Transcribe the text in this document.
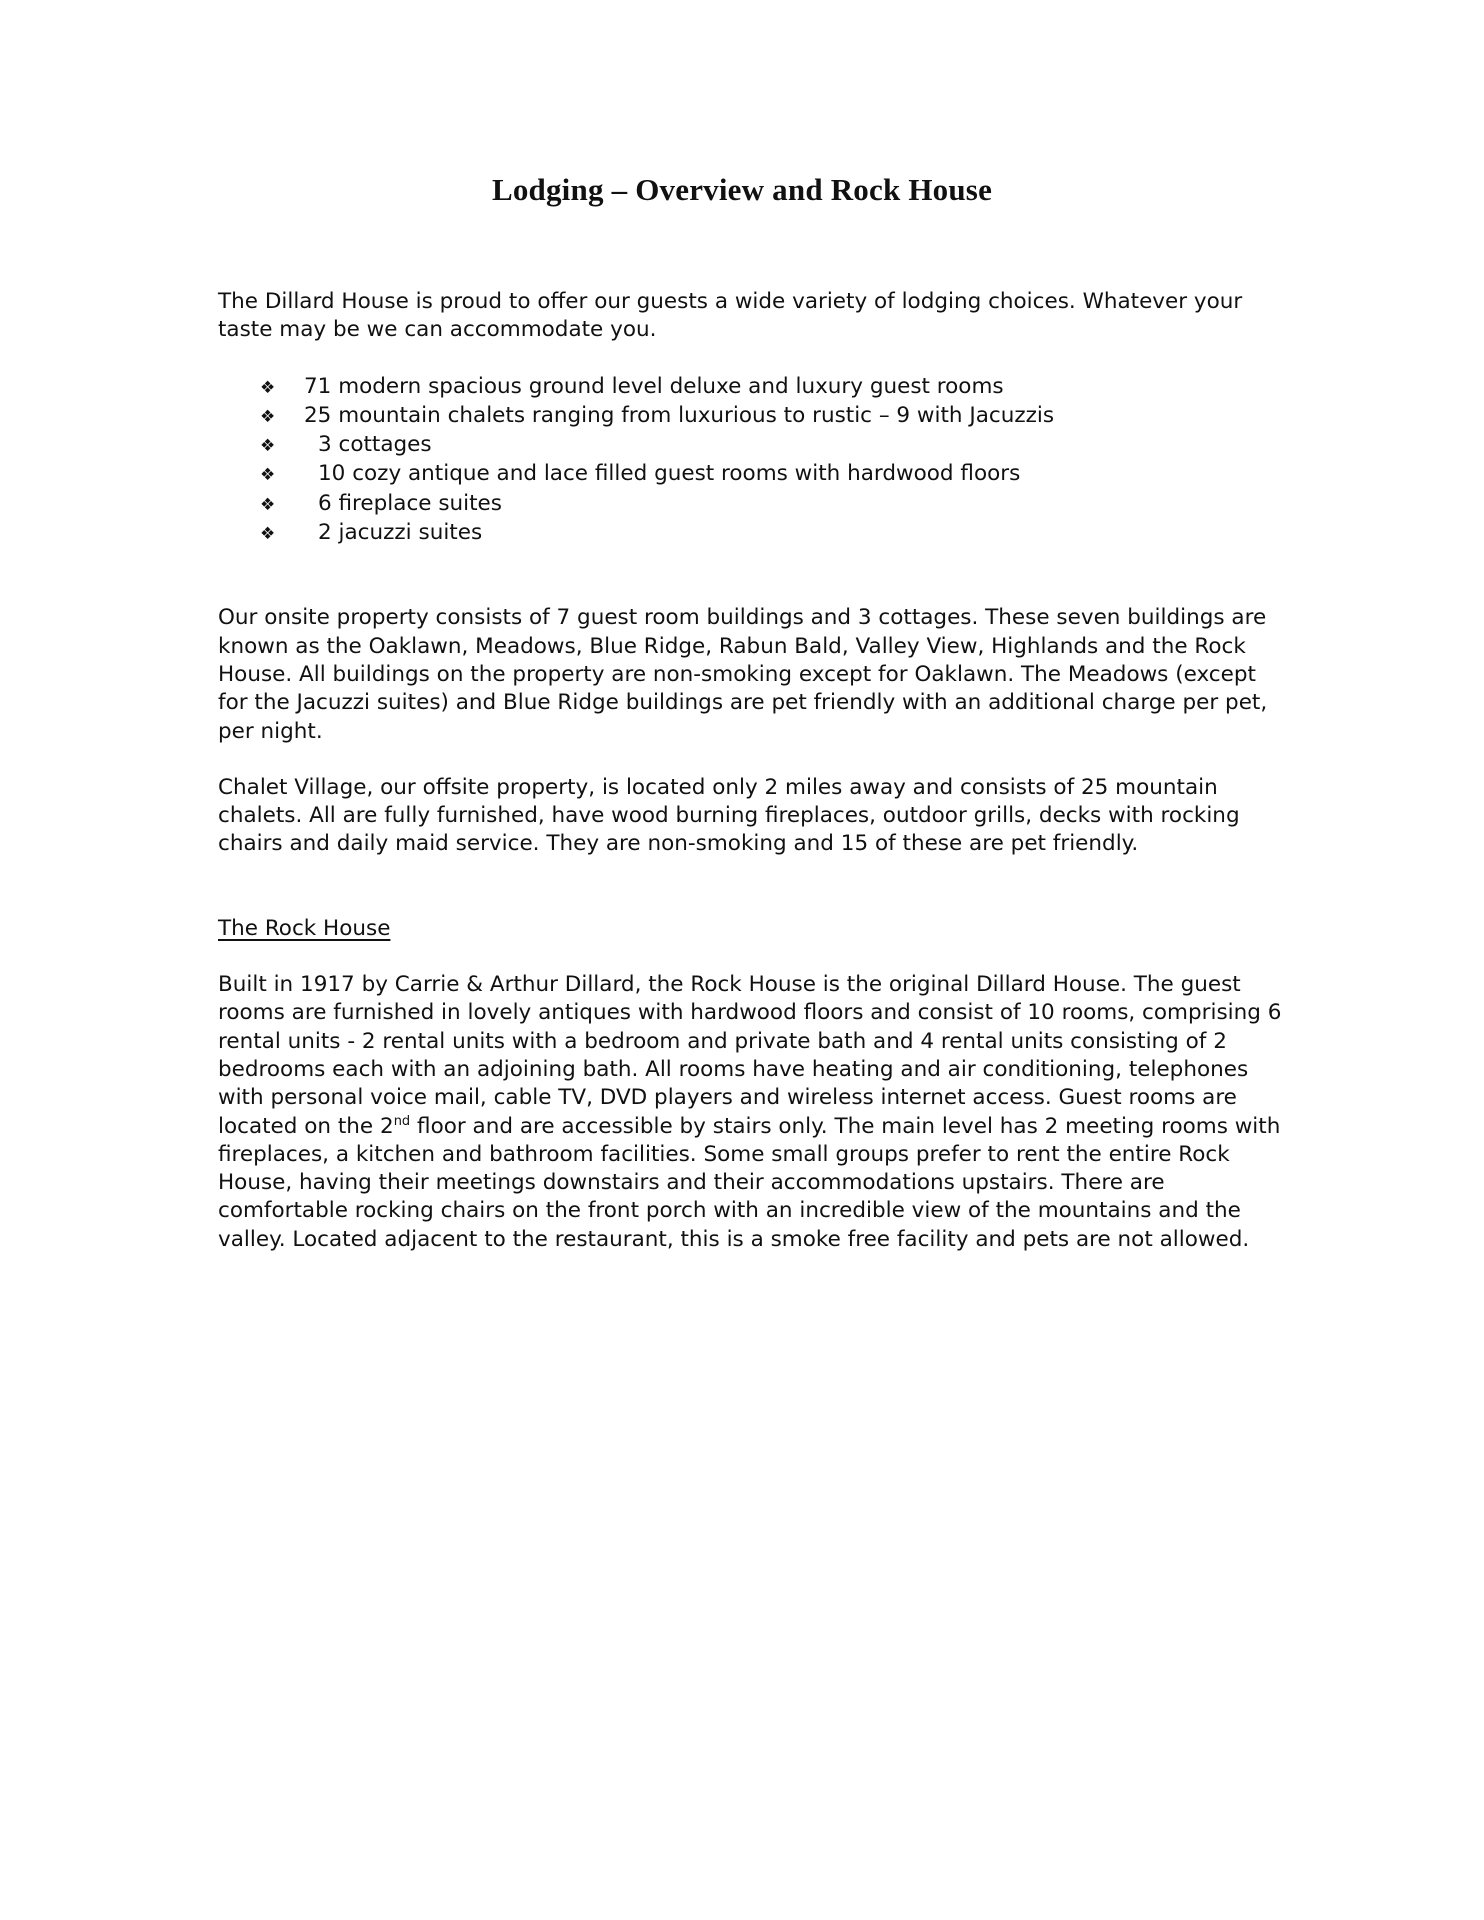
Lodging – Overview and Rock House

The Dillard House is proud to offer our guests a wide variety of lodging choices. Whatever your taste may be we can accommodate you.

❖	71 modern spacious ground level deluxe and luxury guest rooms
❖	25 mountain chalets ranging from luxurious to rustic – 9 with Jacuzzis
❖	3 cottages
❖	10 cozy antique and lace filled guest rooms with hardwood floors
❖	6 fireplace suites
❖	2 jacuzzi suites

Our onsite property consists of 7 guest room buildings and 3 cottages. These seven buildings are known as the Oaklawn, Meadows, Blue Ridge, Rabun Bald, Valley View, Highlands and the Rock House. All buildings on the property are non-smoking except for Oaklawn. The Meadows (except for the Jacuzzi suites) and Blue Ridge buildings are pet friendly with an additional charge per pet, per night.

Chalet Village, our offsite property, is located only 2 miles away and consists of 25 mountain chalets. All are fully furnished, have wood burning fireplaces, outdoor grills, decks with rocking chairs and daily maid service. They are non-smoking and 15 of these are pet friendly.

The Rock House

Built in 1917 by Carrie & Arthur Dillard, the Rock House is the original Dillard House. The guest rooms are furnished in lovely antiques with hardwood floors and consist of 10 rooms, comprising 6 rental units - 2 rental units with a bedroom and private bath and 4 rental units consisting of 2 bedrooms each with an adjoining bath. All rooms have heating and air conditioning, telephones with personal voice mail, cable TV, DVD players and wireless internet access. Guest rooms are located on the 2nd floor and are accessible by stairs only. The main level has 2 meeting rooms with fireplaces, a kitchen and bathroom facilities. Some small groups prefer to rent the entire Rock House, having their meetings downstairs and their accommodations upstairs. There are comfortable rocking chairs on the front porch with an incredible view of the mountains and the valley. Located adjacent to the restaurant, this is a smoke free facility and pets are not allowed.
